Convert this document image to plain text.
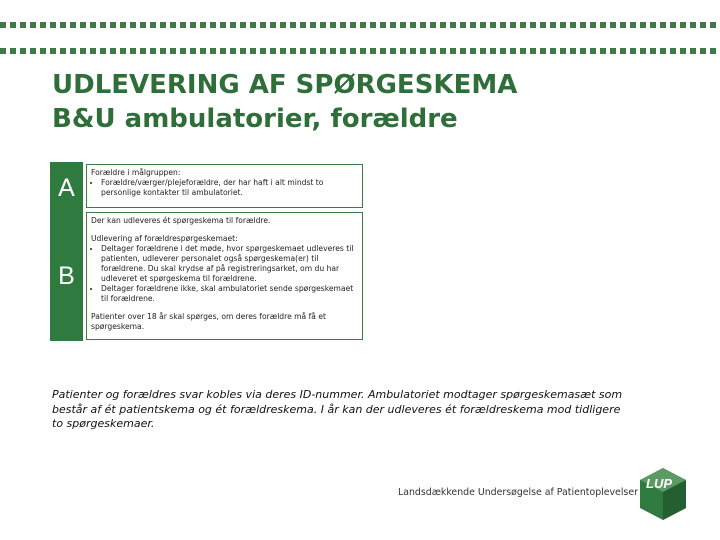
UDLEVERING AF SPØRGESKEMA
B&U ambulatorier, forældre
A
B

Forældre i målgruppen:

• Forældre/værger/plejeforældre, der har haft i alt mindst to personlige kontakter til ambulatoriet.

Der kan udleveres ét spørgeskema til forældre.

Udlevering af forældrespørgeskemaet:

• Deltager forældrene i det møde, hvor spørgeskemaet udleveres til patienten, udleverer personalet også spørgeskema(er) til forældrene. Du skal krydse af på registreringsarket, om du har udleveret et spørgeskema til forældrene.
• Deltager forældrene ikke, skal ambulatoriet sende spørgeskemaet til forældrene.

Patienter over 18 år skal spørges, om deres forældre må få et spørgeskema.

Patienter og forældres svar kobles via deres ID-nummer. Ambulatoriet modtager spørgeskemasæt som består af ét patientskema og ét forældreskema. I år kan der udleveres ét forældreskema mod tidligere to spørgeskemaer.

Landsdækkende Undersøgelse af Patientoplevelser
LUP
